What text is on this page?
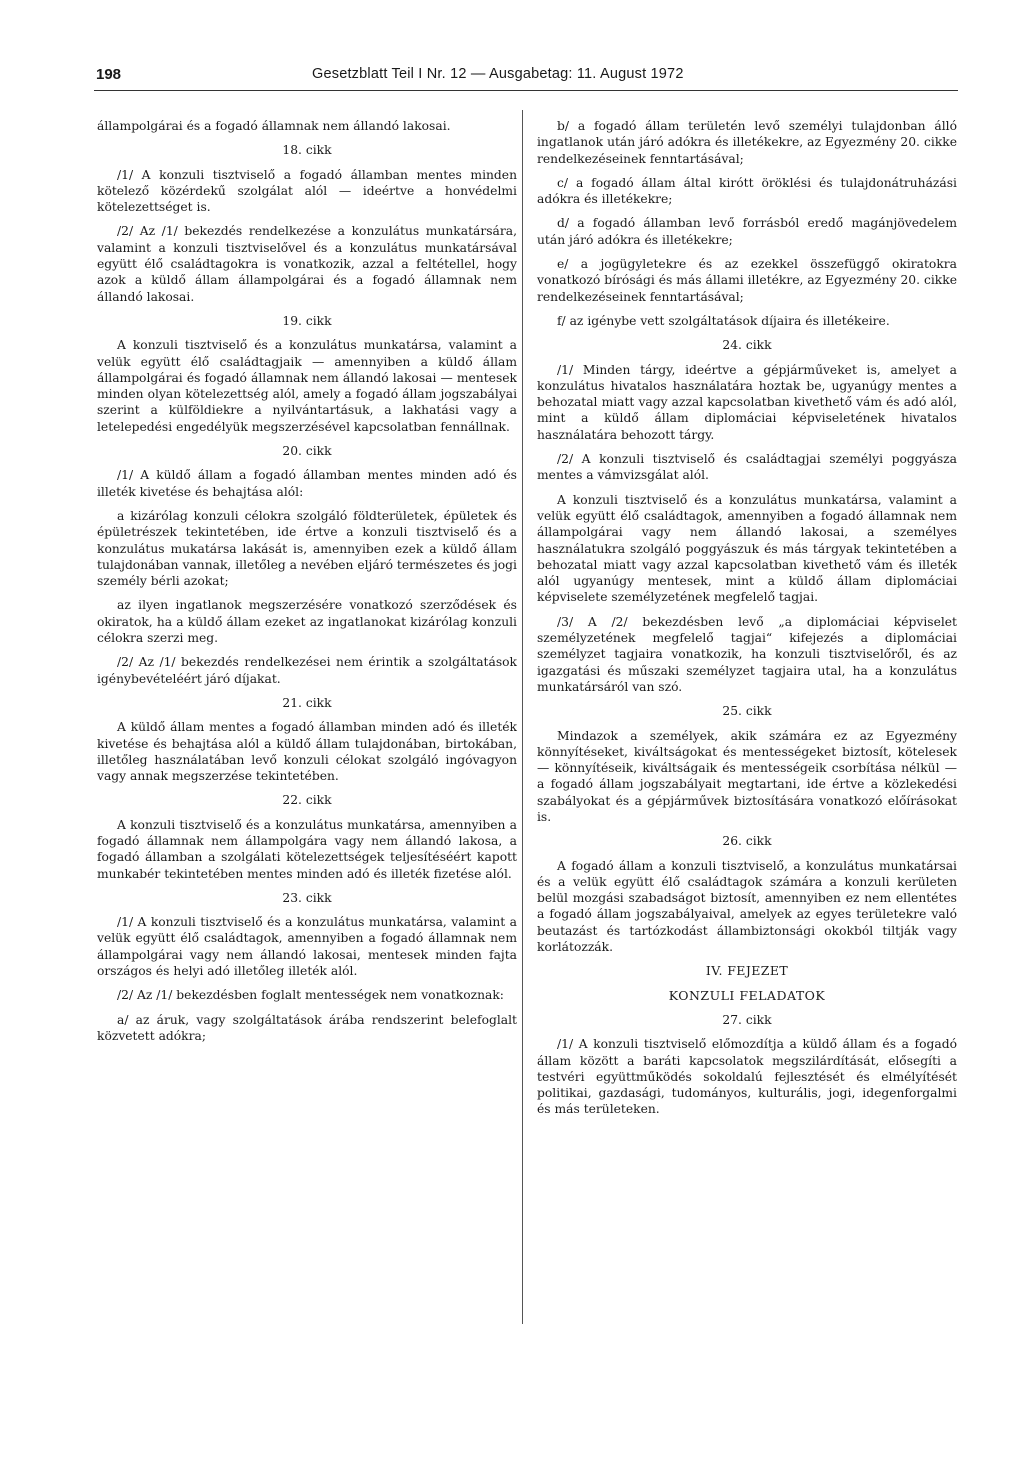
198	Gesetzblatt Teil I Nr. 12 — Ausgabetag: 11. August 1972

állampolgárai és a fogadó államnak nem állandó lakosai.

18. cikk

/1/ A konzuli tisztviselő a fogadó államban mentes minden kötelező közérdekű szolgálat alól — ideértve a honvédelmi kötelezettséget is.

/2/ Az /1/ bekezdés rendelkezése a konzulátus munkatársára, valamint a konzuli tisztviselővel és a konzulátus munkatársával együtt élő családtagokra is vonatkozik, azzal a feltétellel, hogy azok a küldő állam állampolgárai és a fogadó államnak nem állandó lakosai.

19. cikk

A konzuli tisztviselő és a konzulátus munkatársa, valamint a velük együtt élő családtagjaik — amennyiben a küldő állam állampolgárai és fogadó államnak nem állandó lakosai — mentesek minden olyan kötelezettség alól, amely a fogadó állam jogszabályai szerint a külföldiekre a nyilvántartásuk, a lakhatási vagy a letelepedési engedélyük megszerzésével kapcsolatban fennállnak.

20. cikk

/1/ A küldő állam a fogadó államban mentes minden adó és illeték kivetése és behajtása alól:

a kizárólag konzuli célokra szolgáló földterületek, épületek és épületrészek tekintetében, ide értve a konzuli tisztviselő és a konzulátus mukatársa lakását is, amennyiben ezek a küldő állam tulajdonában vannak, illetőleg a nevében eljáró természetes és jogi személy bérli azokat;

az ilyen ingatlanok megszerzésére vonatkozó szerződések és okiratok, ha a küldő állam ezeket az ingatlanokat kizárólag konzuli célokra szerzi meg.

/2/ Az /1/ bekezdés rendelkezései nem érintik a szolgáltatások igénybevételéért járó díjakat.

21. cikk

A küldő állam mentes a fogadó államban minden adó és illeték kivetése és behajtása alól a küldő állam tulajdonában, birtokában, illetőleg használatában levő konzuli célokat szolgáló ingóvagyon vagy annak megszerzése tekintetében.

22. cikk

A konzuli tisztviselő és a konzulátus munkatársa, amennyiben a fogadó államnak nem állampolgára vagy nem állandó lakosa, a fogadó államban a szolgálati kötelezettségek teljesítéséért kapott munkabér tekintetében mentes minden adó és illeték fizetése alól.

23. cikk

/1/ A konzuli tisztviselő és a konzulátus munkatársa, valamint a velük együtt élő családtagok, amennyiben a fogadó államnak nem állampolgárai vagy nem állandó lakosai, mentesek minden fajta országos és helyi adó illetőleg illeték alól.

/2/ Az /1/ bekezdésben foglalt mentességek nem vonatkoznak:

a/ az áruk, vagy szolgáltatások árába rendszerint belefoglalt közvetett adókra;

b/ a fogadó állam területén levő személyi tulajdonban álló ingatlanok után járó adókra és illetékekre, az Egyezmény 20. cikke rendelkezéseinek fenntartásával;

c/ a fogadó állam által kirótt öröklési és tulajdonátruházási adókra és illetékekre;

d/ a fogadó államban levő forrásból eredő magánjövedelem után járó adókra és illetékekre;

e/ a jogügyletekre és az ezekkel összefüggő okiratokra vonatkozó bírósági és más állami illetékre, az Egyezmény 20. cikke rendelkezéseinek fenntartásával;

f/ az igénybe vett szolgáltatások díjaira és illetékeire.

24. cikk

/1/ Minden tárgy, ideértve a gépjárműveket is, amelyet a konzulátus hivatalos használatára hoztak be, ugyanúgy mentes a behozatal miatt vagy azzal kapcsolatban kivethető vám és adó alól, mint a küldő állam diplomáciai képviseletének hivatalos használatára behozott tárgy.

/2/ A konzuli tisztviselő és családtagjai személyi poggyásza mentes a vámvizsgálat alól.

A konzuli tisztviselő és a konzulátus munkatársa, valamint a velük együtt élő családtagok, amennyiben a fogadó államnak nem állampolgárai vagy nem állandó lakosai, a személyes használatukra szolgáló poggyászuk és más tárgyak tekintetében a behozatal miatt vagy azzal kapcsolatban kivethető vám és illeték alól ugyanúgy mentesek, mint a küldő állam diplomáciai képviselete személyzetének megfelelő tagjai.

/3/ A /2/ bekezdésben levő „a diplomáciai képviselet személyzetének megfelelő tagjai“ kifejezés a diplomáciai személyzet tagjaira vonatkozik, ha konzuli tisztviselőről, és az igazgatási és műszaki személyzet tagjaira utal, ha a konzulátus munkatársáról van szó.

25. cikk

Mindazok a személyek, akik számára ez az Egyezmény könnyítéseket, kiváltságokat és mentességeket biztosít, kötelesek — könnyítéseik, kiváltságaik és mentességeik csorbítása nélkül — a fogadó állam jogszabályait megtartani, ide értve a közlekedési szabályokat és a gépjárművek biztosítására vonatkozó előírásokat is.

26. cikk

A fogadó állam a konzuli tisztviselő, a konzulátus munkatársai és a velük együtt élő családtagok számára a konzuli kerületen belül mozgási szabadságot biztosít, amennyiben ez nem ellentétes a fogadó állam jogszabályaival, amelyek az egyes területekre való beutazást és tartózkodást állambiztonsági okokból tiltják vagy korlátozzák.

IV. FEJEZET

KONZULI FELADATOK

27. cikk

/1/ A konzuli tisztviselő előmozdítja a küldő állam és a fogadó állam között a baráti kapcsolatok megszilárdítását, elősegíti a testvéri együttműködés sokoldalú fejlesztését és elmélyítését politikai, gazdasági, tudományos, kulturális, jogi, idegenforgalmi és más területeken.
